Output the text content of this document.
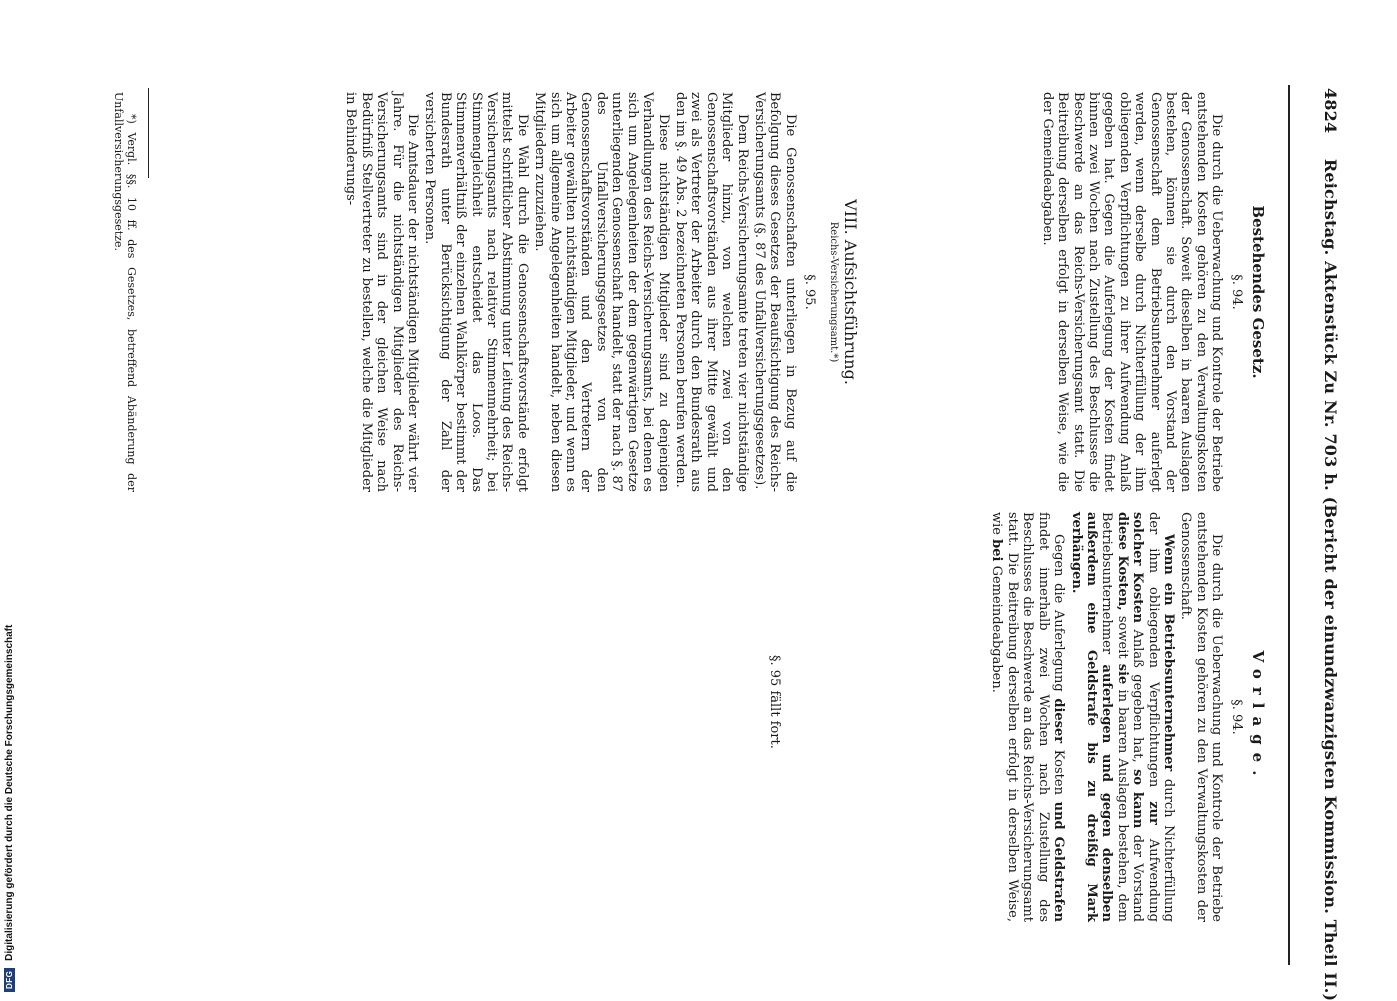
4824  Reichstag. Aktenstück Zu Nr. 703 h. (Bericht der einundzwanzigsten Kommission. Theil II.)

Bestehendes Gesetz.

§. 94.

Die durch die Ueberwachung und Kontrole der Betriebe entstehenden Kosten gehören zu den Verwaltungskosten der Genossenschaft. Soweit dieselben in baaren Auslagen bestehen, können sie durch den Vorstand der Genossenschaft dem Betriebsunternehmer auferlegt werden, wenn derselbe durch Nichterfüllung der ihm obliegenden Verpflichtungen zu ihrer Aufwendung Anlaß gegeben hat. Gegen die Auferlegung der Kosten findet binnen zwei Wochen nach Zustellung des Beschlusses die Beschwerde an das Reichs-Versicherungsamt statt. Die Beitreibung derselben erfolgt in derselben Weise, wie die der Gemeindeabgaben.

VIII. Aufsichtsführung.

Reichs-Versicherungsamt.*)

§. 95.

Die Genossenschaften unterliegen in Bezug auf die Befolgung dieses Gesetzes der Beaufsichtigung des Reichs-Versicherungsamts (§. 87 des Unfallversicherungsgesetzes).

Dem Reichs-Versicherungsamte treten vier nichtständige Mitglieder hinzu, von welchen zwei von den Genossenschaftsvorständen aus ihrer Mitte gewählt und zwei als Vertreter der Arbeiter durch den Bundesrath aus den im §. 49 Abs. 2 bezeichneten Personen berufen werden.

Diese nichtständigen Mitglieder sind zu denjenigen Verhandlungen des Reichs-Versicherungsamts, bei denen es sich um Angelegenheiten der dem gegenwärtigen Gesetze unterliegenden Genossenschaft handelt, statt der nach §. 87 des Unfallversicherungsgesetzes von den Genossenschaftsvorständen und den Vertretern der Arbeiter gewählten nichtständigen Mitglieder, und wenn es sich um allgemeine Angelegenheiten handelt, neben diesen Mitgliedern zuzuziehen.

Die Wahl durch die Genossenschaftsvorstände erfolgt mittelst schriftlicher Abstimmung unter Leitung des Reichs-Versicherungsamts nach relativer Stimmenmehrheit; bei Stimmengleichheit entscheidet das Loos. Das Stimmenverhältniß der einzelnen Wahlkörper bestimmt der Bundesrath unter Berücksichtigung der Zahl der versicherten Personen.

Die Amtsdauer der nichtständigen Mitglieder währt vier Jahre. Für die nichtständigen Mitglieder des Reichs-Versicherungsamts sind in der gleichen Weise nach Bedürfniß Stellvertreter zu bestellen, welche die Mitglieder in Behinderungs-

*) Vergl. §§. 10 ff. des Gesetzes, betreffend Abänderung der Unfallversicherungsgesetze.

Vorlage.

§. 94.

Die durch die Ueberwachung und Kontrole der Betriebe entstehenden Kosten gehören zu den Verwaltungskosten der Genossenschaft.

Wenn ein Betriebsunternehmer durch Nichterfüllung der ihm obliegenden Verpflichtungen zur Aufwendung solcher Kosten Anlaß gegeben hat, so kann der Vorstand diese Kosten, soweit sie in baaren Auslagen bestehen, dem Betriebsunternehmer auferlegen und gegen denselben außerdem eine Geldstrafe bis zu dreißig Mark verhängen.

Gegen die Auferlegung dieser Kosten und Geldstrafen findet innerhalb zwei Wochen nach Zustellung des Beschlusses die Beschwerde an das Reichs-Versicherungsamt statt. Die Beitreibung derselben erfolgt in derselben Weise, wie bei Gemeindeabgaben.

§. 95 fällt fort.
DFG Digitalisierung gefördert durch die Deutsche Forschungsgemeinschaft
